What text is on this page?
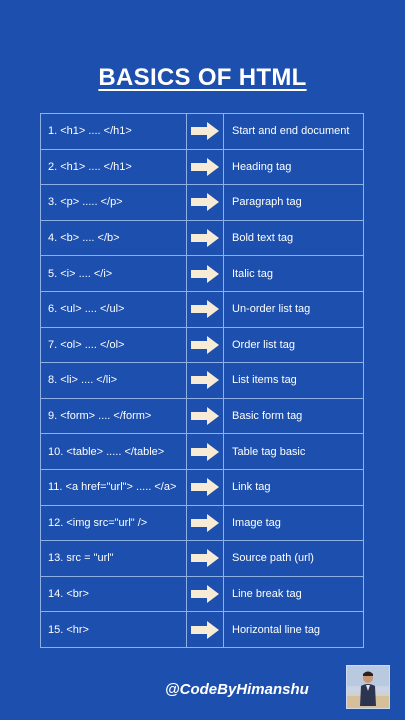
BASICS OF HTML
1. <h1> .... </h1>		Start and end document
2. <h1> .... </h1>		Heading tag
3. <p> ..... </p>		Paragraph tag
4. <b> .... </b>		Bold text tag
5. <i> .... </i>		Italic tag
6. <ul> .... </ul>		Un-order list tag
7. <ol> .... </ol>		Order list tag
8. <li> .... </li>		List items tag
9. <form> .... </form>		Basic form tag
10. <table> ..... </table>		Table tag basic
11. <a href="url"> ..... </a>		Link tag
12. <img src="url" />		Image tag
13. src = "url"		Source path (url)
14. <br>		Line break tag
15. <hr>		Horizontal line tag
@CodeByHimanshu
